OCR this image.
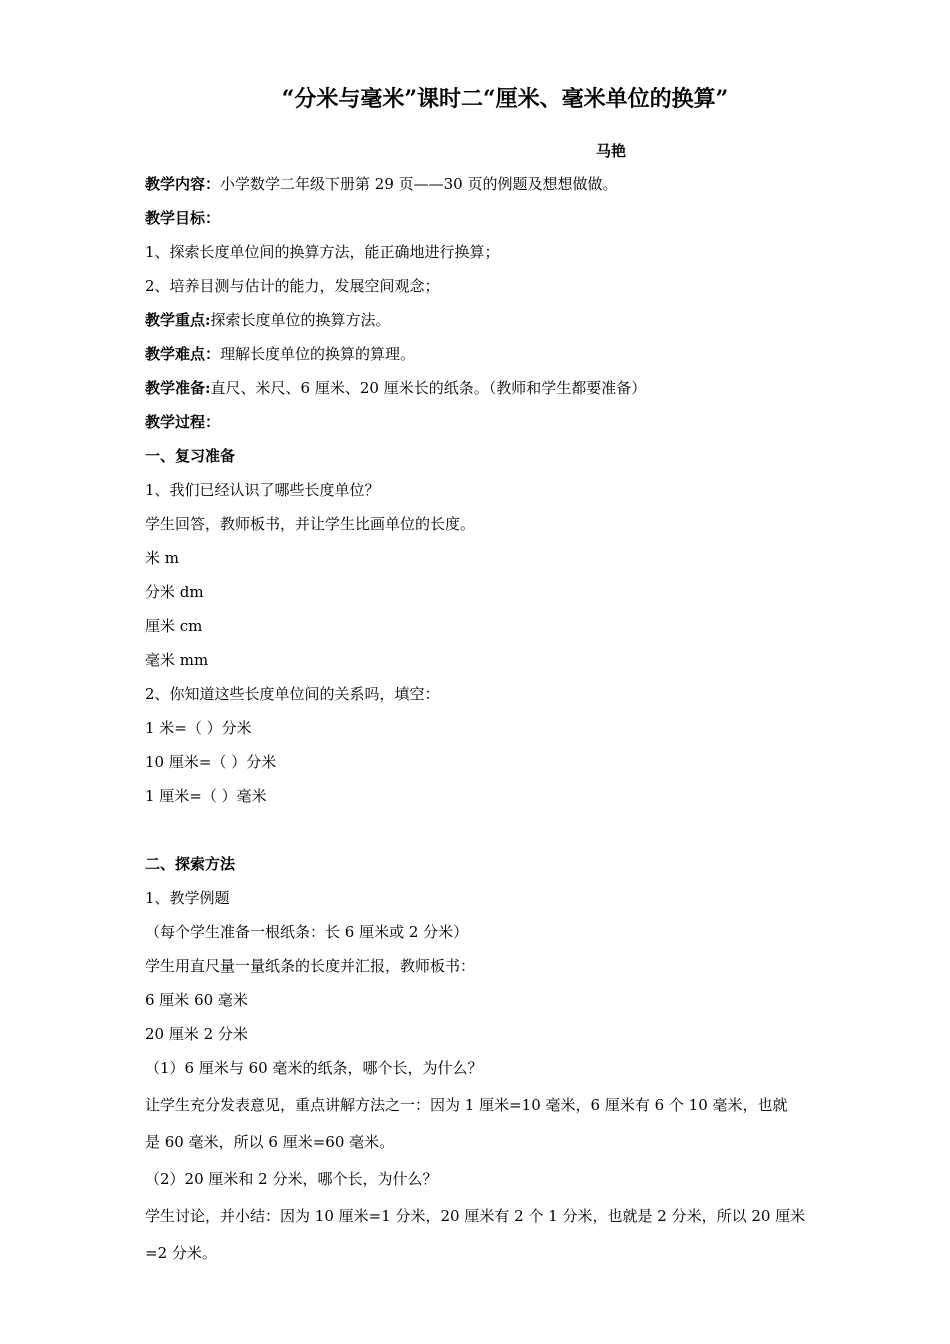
“分米与毫米”课时二“厘米、毫米单位的换算”
马艳
教学内容：小学数学二年级下册第 29 页——30 页的例题及想想做做。
教学目标：
1、探索长度单位间的换算方法，能正确地进行换算；
2、培养目测与估计的能力，发展空间观念；
教学重点:探索长度单位的换算方法。
教学难点：理解长度单位的换算的算理。
教学准备:直尺、米尺、6 厘米、20 厘米长的纸条。（教师和学生都要准备）
教学过程：
一、复习准备
1、我们已经认识了哪些长度单位？
学生回答，教师板书，并让学生比画单位的长度。
米 m
分米 dm
厘米 cm
毫米 mm
2、你知道这些长度单位间的关系吗，填空：
1 米=（ ）分米
10 厘米=（ ）分米
1 厘米=（ ）毫米
二、探索方法
1、教学例题
（每个学生准备一根纸条：长 6 厘米或 2 分米）
学生用直尺量一量纸条的长度并汇报，教师板书：
6 厘米 60 毫米
20 厘米 2 分米
（1）6 厘米与 60 毫米的纸条，哪个长，为什么？
让学生充分发表意见，重点讲解方法之一：因为 1 厘米=10 毫米，6 厘米有 6 个 10 毫米，也就
是 60 毫米，所以 6 厘米=60 毫米。
（2）20 厘米和 2 分米，哪个长，为什么？
学生讨论，并小结：因为 10 厘米=1 分米，20 厘米有 2 个 1 分米，也就是 2 分米，所以 20 厘米
=2 分米。
